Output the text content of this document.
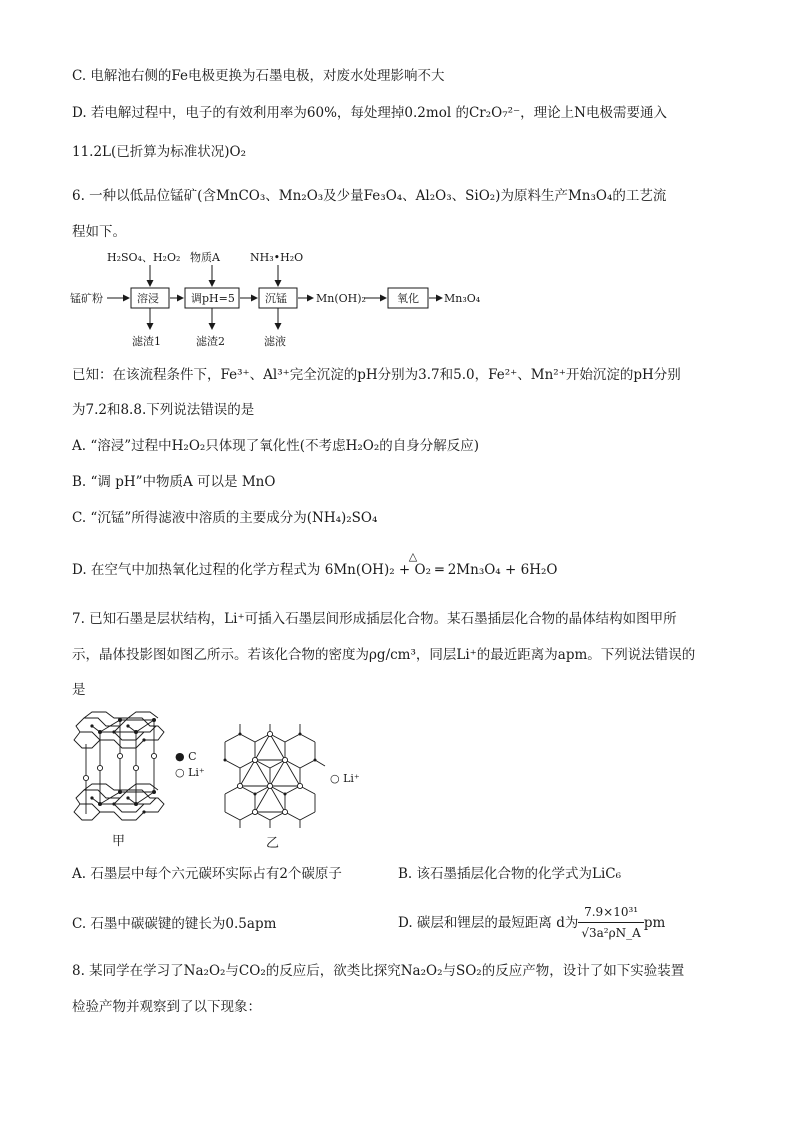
C. 电解池右侧的Fe电极更换为石墨电极，对废水处理影响不大
D. 若电解过程中，电子的有效利用率为60%，每处理掉0.2mol 的Cr₂O₇²⁻，理论上N电极需要通入
11.2L(已折算为标准状况)O₂
6. 一种以低品位锰矿(含MnCO₃、Mn₂O₃及少量Fe₃O₄、Al₂O₃、SiO₂)为原料生产Mn₃O₄的工艺流
程如下。
H₂SO₄、H₂O₂ 物质A	NH₃•H₂O
锰矿粉	溶浸	调pH=5	沉锰	Mn(OH)₂	氧化 Mn₃O₄
滤渣1	滤渣2	滤液
已知：在该流程条件下，Fe³⁺、Al³⁺完全沉淀的pH分别为3.7和5.0，Fe²⁺、Mn²⁺开始沉淀的pH分别
为7.2和8.8.下列说法错误的是
A. “溶浸”过程中H₂O₂只体现了氧化性(不考虑H₂O₂的自身分解反应)
B. “调 pH”中物质A 可以是 MnO
C. “沉锰”所得滤液中溶质的主要成分为(NH₄)₂SO₄
D. 在空气中加热氧化过程的化学方程式为
△
6Mn(OH)₂ + O₂ ═ 2Mn₃O₄ + 6H₂O
7. 已知石墨是层状结构，Li⁺可插入石墨层间形成插层化合物。某石墨插层化合物的晶体结构如图甲所
示，晶体投影图如图乙所示。若该化合物的密度为ρg/cm³，同层Li⁺的最近距离为apm。下列说法错误的
是
甲
● C
○ Li⁺	○ Li⁺
乙
A. 石墨层中每个六元碳环实际占有2个碳原子	B. 该石墨插层化合物的化学式为LiC₆
C. 石墨中碳碳键的键长为0.5apm	D. 碳层和锂层的最短距离 d为 $\frac{\text{7.9×10³¹}}{\text{√3a²ρN\_A}}$ pm
8. 某同学在学习了Na₂O₂与CO₂的反应后，欲类比探究Na₂O₂与SO₂的反应产物，设计了如下实验装置
检验产物并观察到了以下现象：
